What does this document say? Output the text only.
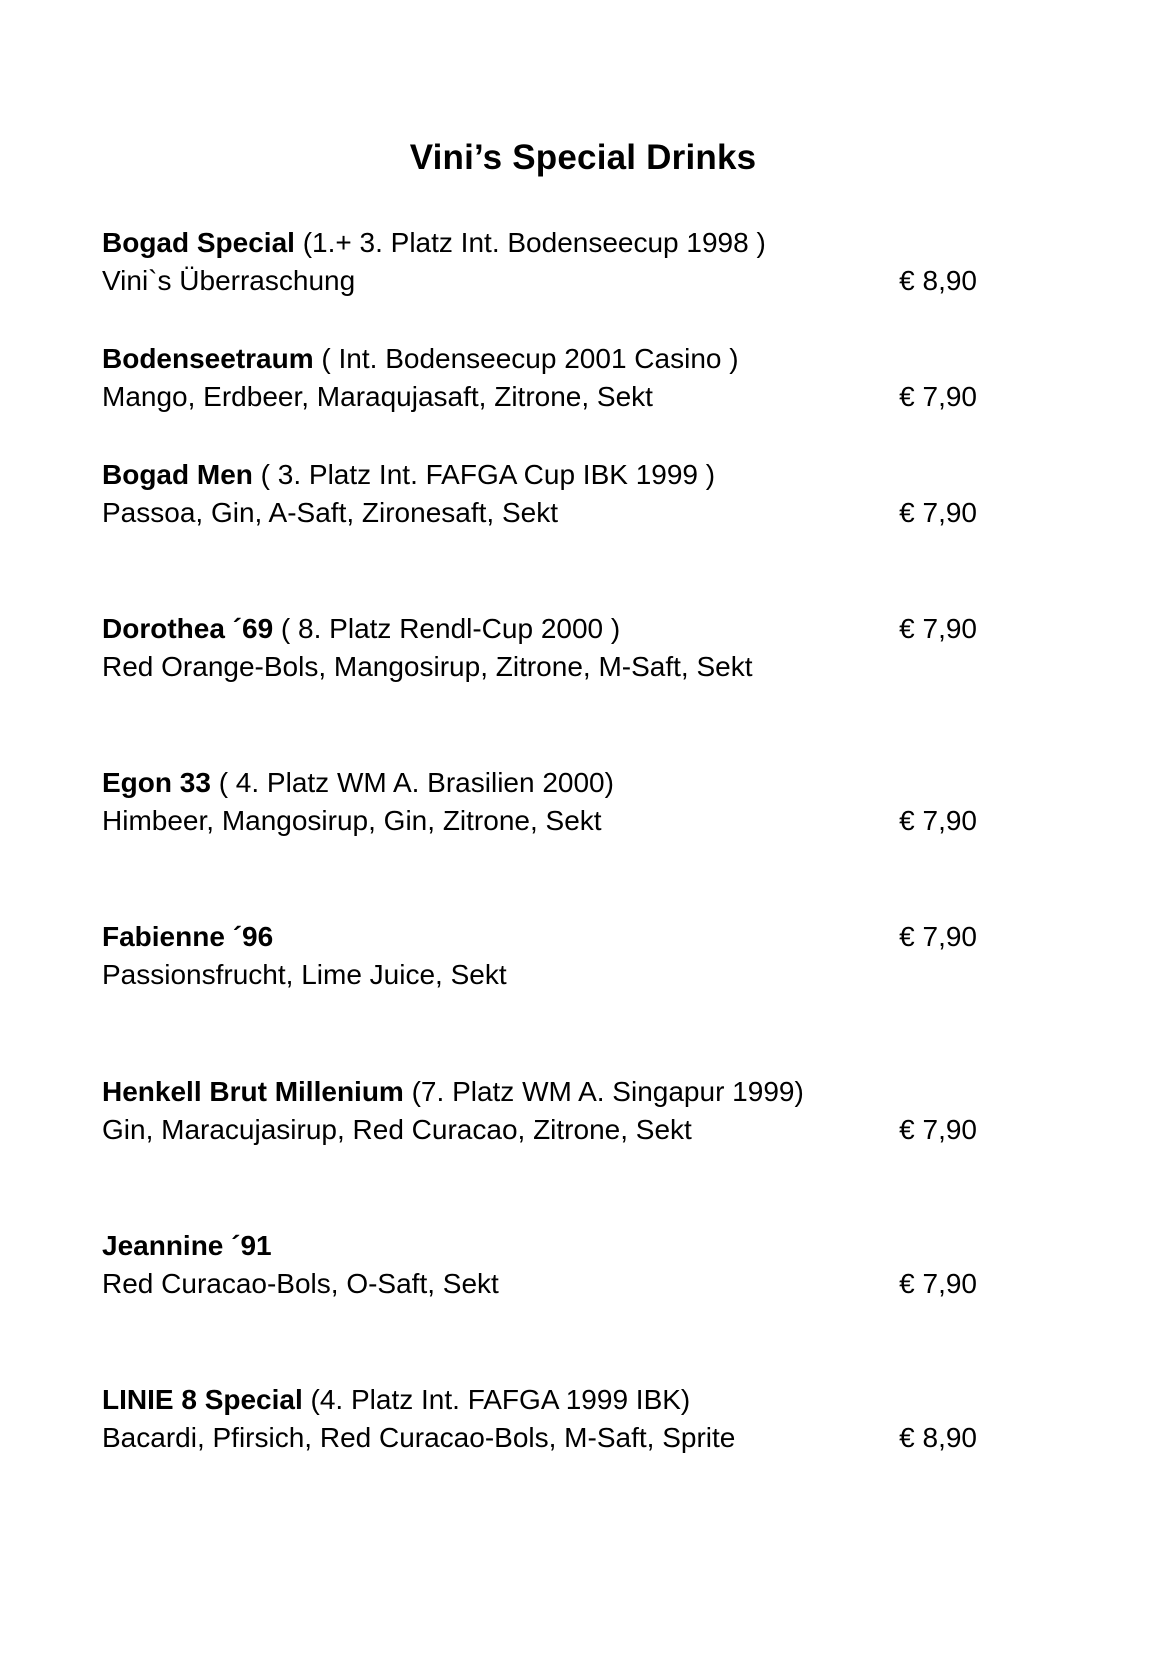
Vini’s Special Drinks
Bogad Special (1.+ 3. Platz Int. Bodenseecup 1998 )
Vini`s Überraschung	€ 8,90
Bodenseetraum ( Int. Bodenseecup 2001 Casino )
Mango, Erdbeer, Maraqujasaft, Zitrone, Sekt	€ 7,90
Bogad Men ( 3. Platz Int. FAFGA Cup IBK 1999 )
Passoa, Gin, A-Saft, Zironesaft, Sekt	€ 7,90
Dorothea ´69 ( 8. Platz Rendl-Cup 2000 )	€ 7,90
Red Orange-Bols, Mangosirup, Zitrone, M-Saft, Sekt
Egon 33 ( 4. Platz WM A. Brasilien 2000)
Himbeer, Mangosirup, Gin, Zitrone, Sekt	€ 7,90
Fabienne ´96	€ 7,90
Passionsfrucht, Lime Juice, Sekt
Henkell Brut Millenium (7. Platz WM A. Singapur 1999)
Gin, Maracujasirup, Red Curacao, Zitrone, Sekt	€ 7,90
Jeannine ´91
Red Curacao-Bols, O-Saft, Sekt	€ 7,90
LINIE 8 Special (4. Platz Int. FAFGA 1999 IBK)
Bacardi, Pfirsich, Red Curacao-Bols, M-Saft, Sprite	€ 8,90
